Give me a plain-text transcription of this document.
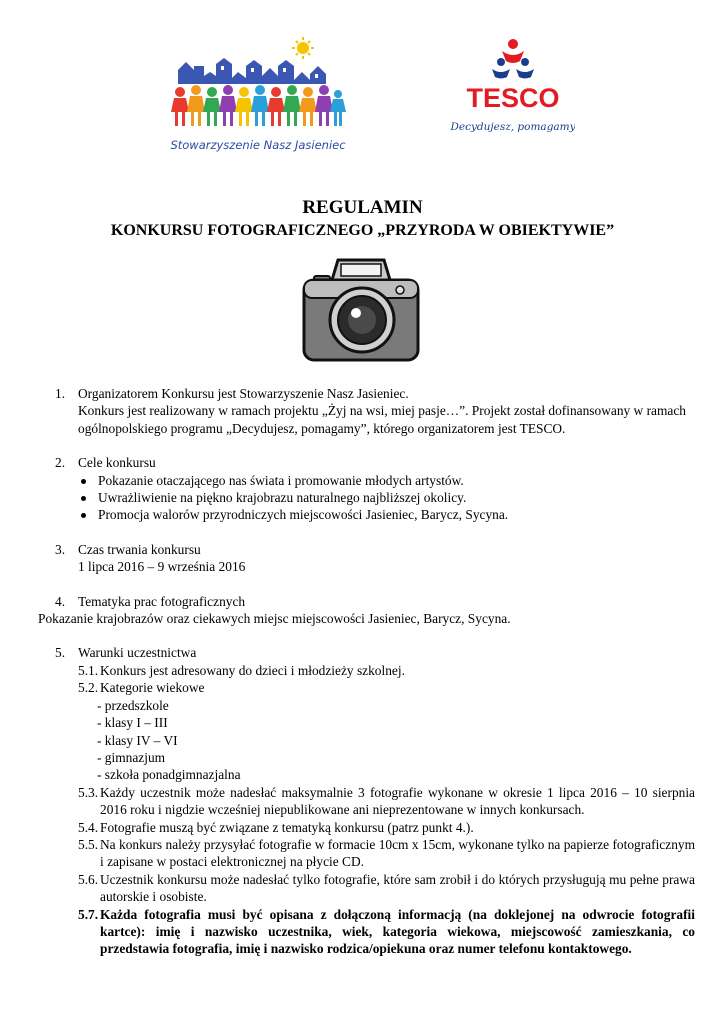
Stowarzyszenie Nasz Jasieniec
TESCO
Decydujesz, pomagamy
REGULAMIN
KONKURSU FOTOGRAFICZNEGO „PRZYRODA W OBIEKTYWIE”
1. Organizatorem Konkursu jest Stowarzyszenie Nasz Jasieniec.
Konkurs jest realizowany w ramach projektu „Żyj na wsi, miej pasje…”. Projekt został dofinansowany w ramach ogólnopolskiego programu „Decydujesz, pomagamy”, którego organizatorem jest TESCO.
2. Cele konkursu
Pokazanie otaczającego nas świata i promowanie młodych artystów.
Uwrażliwienie na piękno krajobrazu naturalnego najbliższej okolicy.
Promocja walorów przyrodniczych miejscowości Jasieniec, Barycz, Sycyna.
3. Czas trwania konkursu
1 lipca 2016 – 9 września 2016
4. Tematyka prac fotograficznych
Pokazanie krajobrazów oraz ciekawych miejsc miejscowości Jasieniec, Barycz, Sycyna.
5. Warunki uczestnictwa
5.1. Konkurs jest adresowany do dzieci i młodzieży szkolnej.
5.2. Kategorie wiekowe
- przedszkole
- klasy I – III
- klasy IV – VI
- gimnazjum
- szkoła ponadgimnazjalna
5.3. Każdy uczestnik może nadesłać maksymalnie 3 fotografie wykonane w okresie 1 lipca 2016 – 10 sierpnia 2016 roku i nigdzie wcześniej niepublikowane ani nieprezentowane w innych konkursach.
5.4. Fotografie muszą być związane z tematyką konkursu (patrz punkt 4.).
5.5. Na konkurs należy przysyłać fotografie w formacie 10cm x 15cm, wykonane tylko na papierze fotograficznym i zapisane w postaci elektronicznej na płycie CD.
5.6. Uczestnik konkursu może nadesłać tylko fotografie, które sam zrobił i do których przysługują mu pełne prawa autorskie i osobiste.
5.7. Każda fotografia musi być opisana z dołączoną informacją (na doklejonej na odwrocie fotografii kartce): imię i nazwisko uczestnika, wiek, kategoria wiekowa, miejscowość zamieszkania, co przedstawia fotografia, imię i nazwisko rodzica/opiekuna oraz numer telefonu kontaktowego.
